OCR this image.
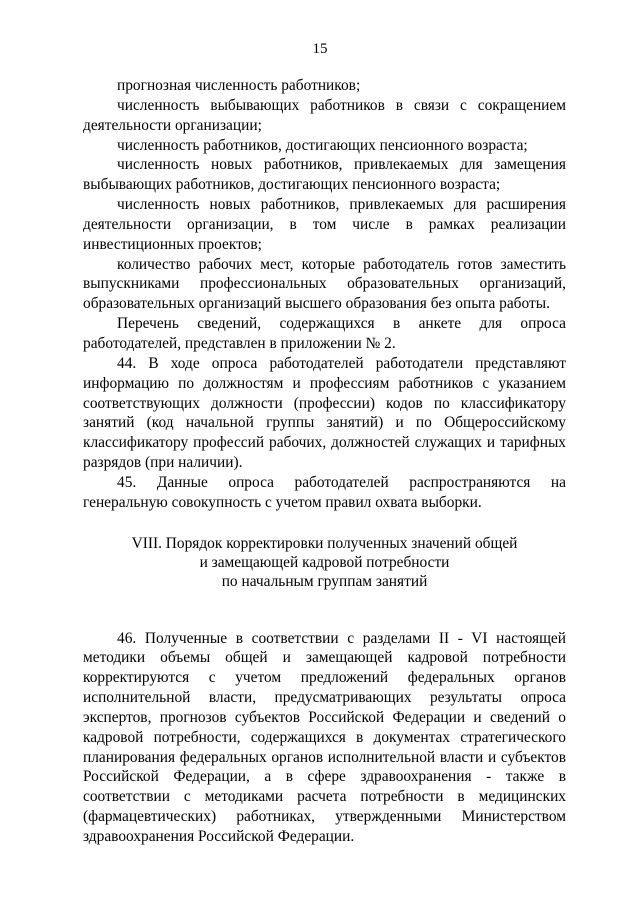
15

прогнозная численность работников;

численность выбывающих работников в связи с сокращением деятельности организации;

численность работников, достигающих пенсионного возраста;

численность новых работников, привлекаемых для замещения выбывающих работников, достигающих пенсионного возраста;

численность новых работников, привлекаемых для расширения деятельности организации, в том числе в рамках реализации инвестиционных проектов;

количество рабочих мест, которые работодатель готов заместить выпускниками профессиональных образовательных организаций, образовательных организаций высшего образования без опыта работы.

Перечень сведений, содержащихся в анкете для опроса работодателей, представлен в приложении № 2.

44. В ходе опроса работодателей работодатели представляют информацию по должностям и профессиям работников с указанием соответствующих должности (профессии) кодов по классификатору занятий (код начальной группы занятий) и по Общероссийскому классификатору профессий рабочих, должностей служащих и тарифных разрядов (при наличии).

45. Данные опроса работодателей распространяются на генеральную совокупность с учетом правил охвата выборки.

VIII. Порядок корректировки полученных значений общей
и замещающей кадровой потребности
по начальным группам занятий

46. Полученные в соответствии с разделами II - VI настоящей методики объемы общей и замещающей кадровой потребности корректируются с учетом предложений федеральных органов исполнительной власти, предусматривающих результаты опроса экспертов, прогнозов субъектов Российской Федерации и сведений о кадровой потребности, содержащихся в документах стратегического планирования федеральных органов исполнительной власти и субъектов Российской Федерации, а в сфере здравоохранения - также в соответствии с методиками расчета потребности в медицинских (фармацевтических) работниках, утвержденными Министерством здравоохранения Российской Федерации.
